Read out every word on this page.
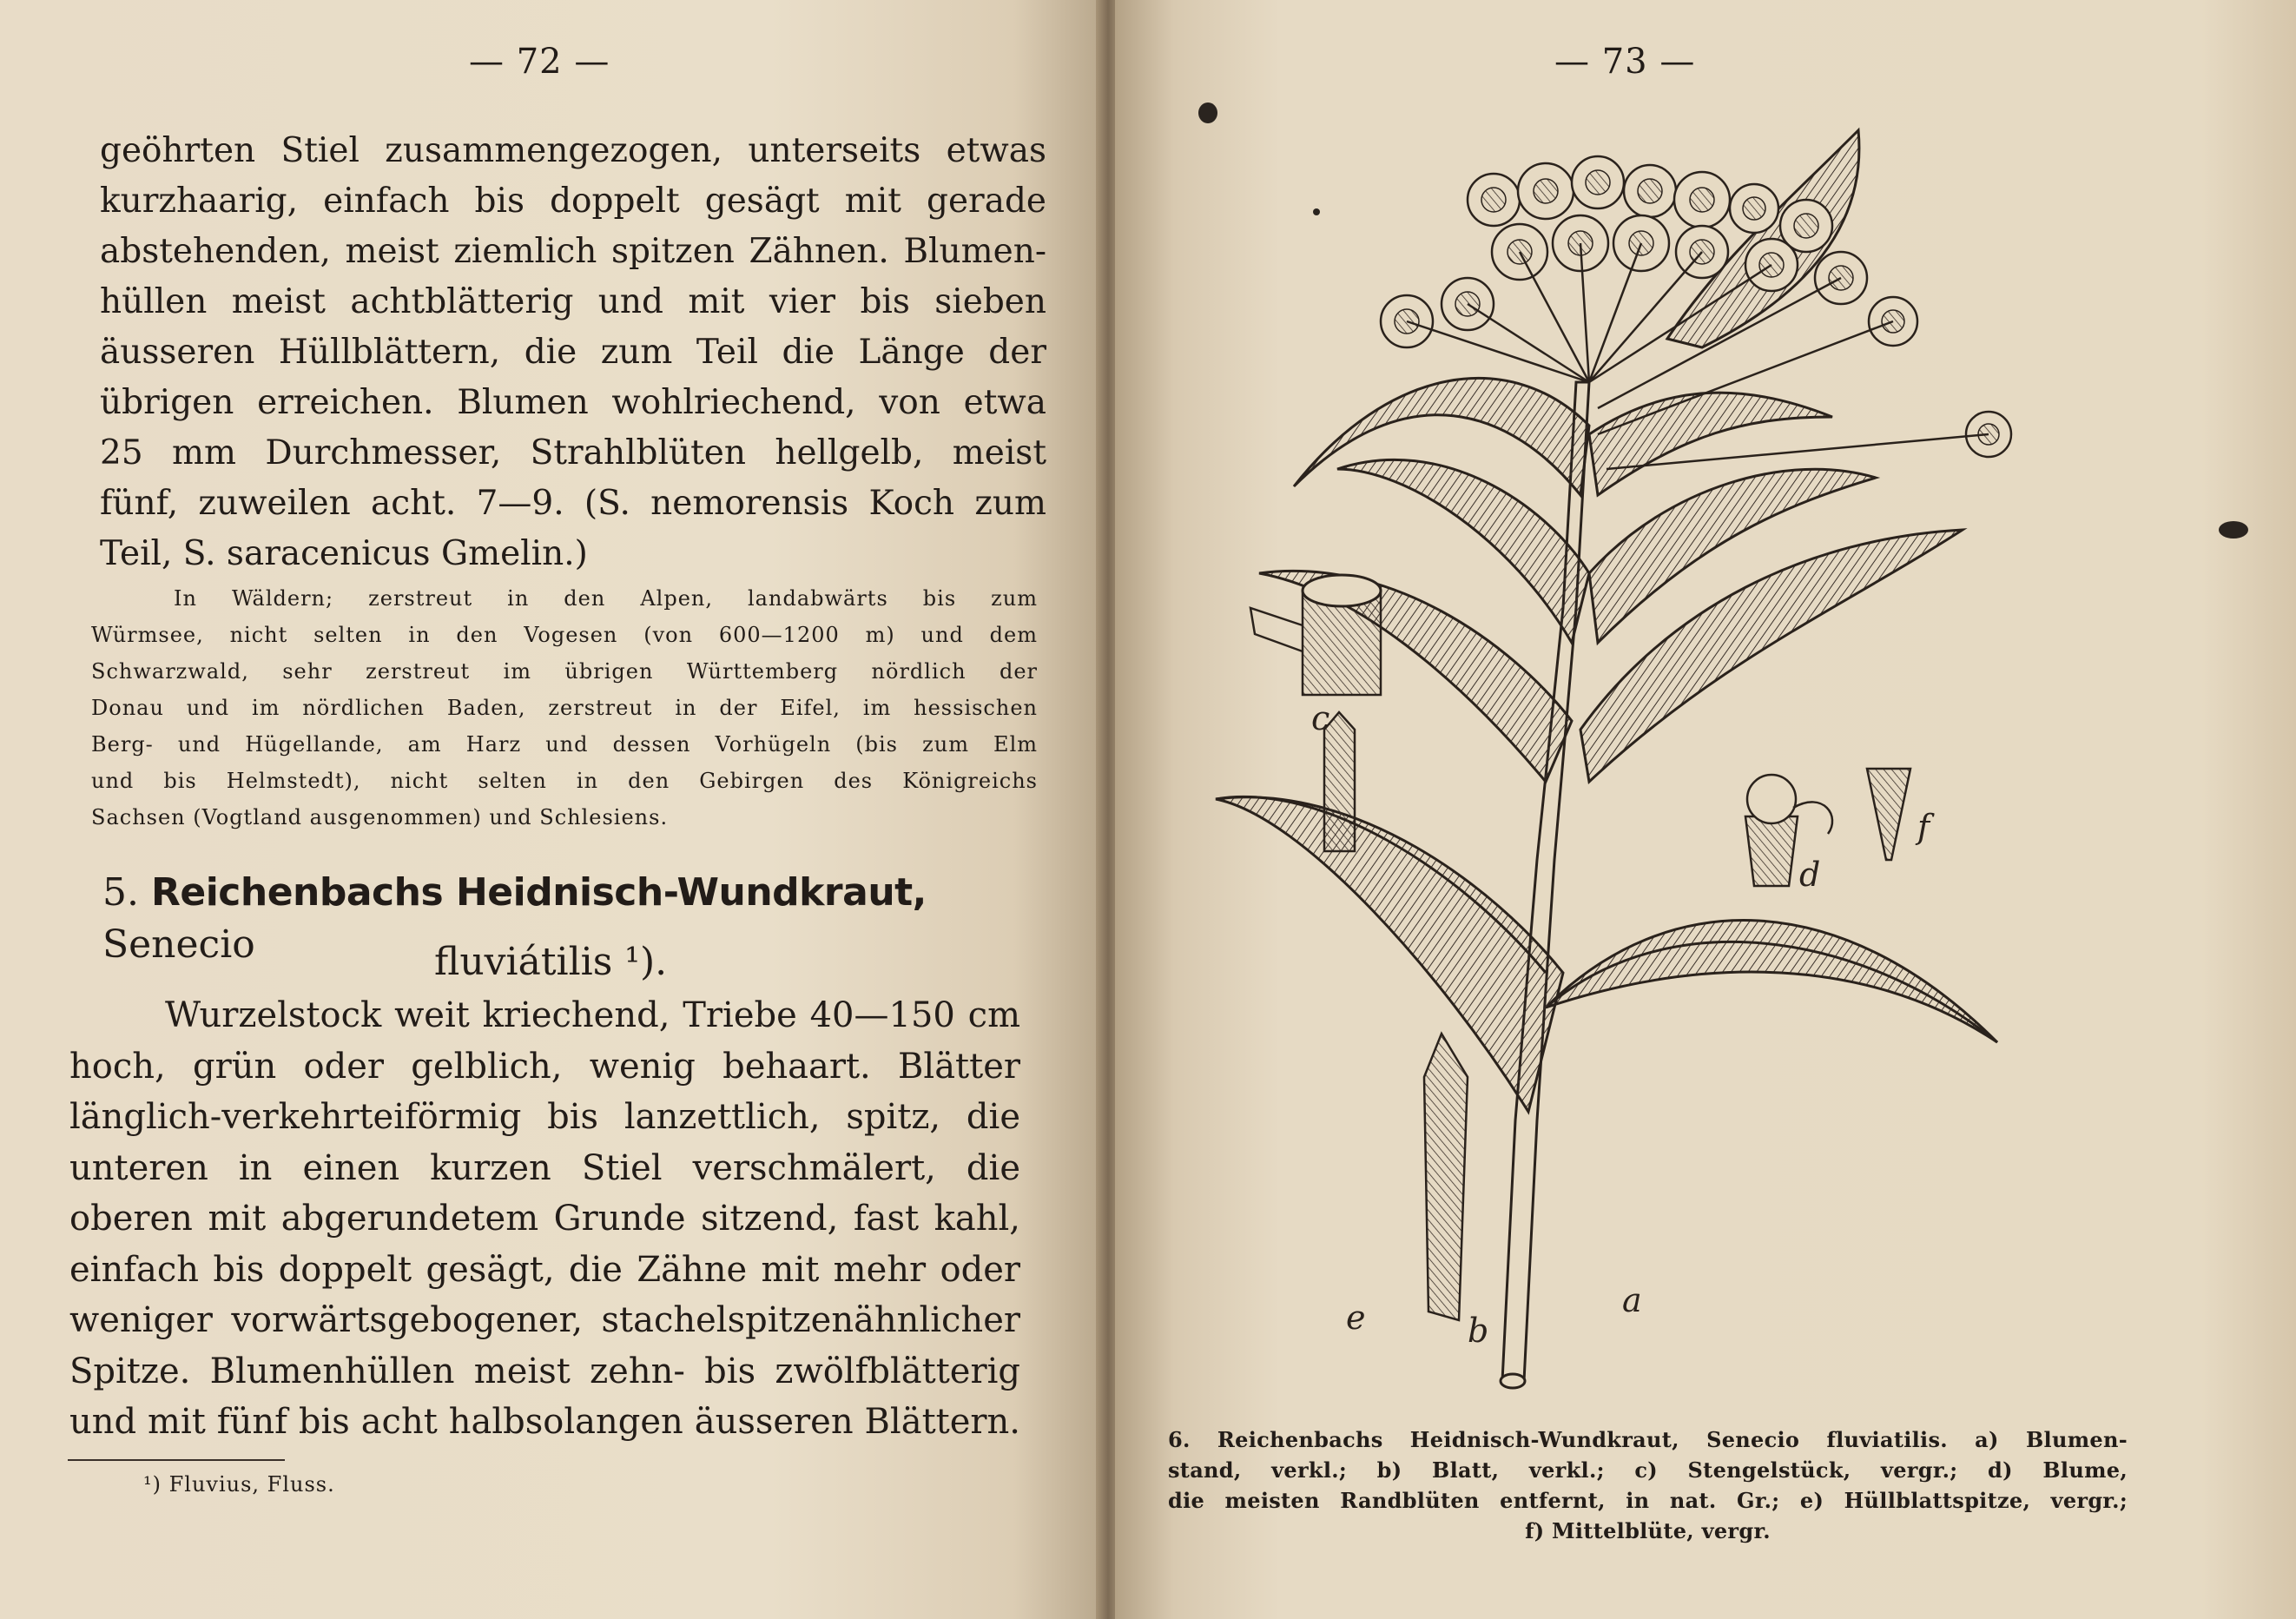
— 72 —
geöhrten Stiel zusammengezogen, unterseits etwas
kurzhaarig, einfach bis doppelt gesägt mit gerade
abstehenden, meist ziemlich spitzen Zähnen. Blumen-
hüllen meist achtblätterig und mit vier bis sieben
äusseren Hüllblättern, die zum Teil die Länge der
übrigen erreichen. Blumen wohlriechend, von etwa
25 mm Durchmesser, Strahlblüten hellgelb, meist
fünf, zuweilen acht. 7—9. (S. nemorensis Koch zum
Teil, S. saracenicus Gmelin.)
In Wäldern; zerstreut in den Alpen, landabwärts bis zum
Würmsee, nicht selten in den Vogesen (von 600—1200 m) und dem
Schwarzwald, sehr zerstreut im übrigen Württemberg nördlich der
Donau und im nördlichen Baden, zerstreut in der Eifel, im hessischen
Berg- und Hügellande, am Harz und dessen Vorhügeln (bis zum Elm
und bis Helmstedt), nicht selten in den Gebirgen des Königreichs
Sachsen (Vogtland ausgenommen) und Schlesiens.
5. Reichenbachs Heidnisch-Wundkraut, Senecio	fluviátilis ¹).
Wurzelstock weit kriechend, Triebe 40—150 cm
hoch, grün oder gelblich, wenig behaart. Blätter
länglich-verkehrteiförmig bis lanzettlich, spitz, die
unteren in einen kurzen Stiel verschmälert, die
oberen mit abgerundetem Grunde sitzend, fast kahl,
einfach bis doppelt gesägt, die Zähne mit mehr oder
weniger vorwärtsgebogener, stachelspitzenähnlicher
Spitze. Blumenhüllen meist zehn- bis zwölfblätterig
und mit fünf bis acht halbsolangen äusseren Blättern.
¹) Fluvius, Fluss.
— 73 —
a
b
c
d
e
f
6. Reichenbachs Heidnisch-Wundkraut, Senecio fluviatilis. a) Blumen-
stand, verkl.; b) Blatt, verkl.; c) Stengelstück, vergr.; d) Blume,
die meisten Randblüten entfernt, in nat. Gr.; e) Hüllblattspitze, vergr.;
f) Mittelblüte, vergr.
